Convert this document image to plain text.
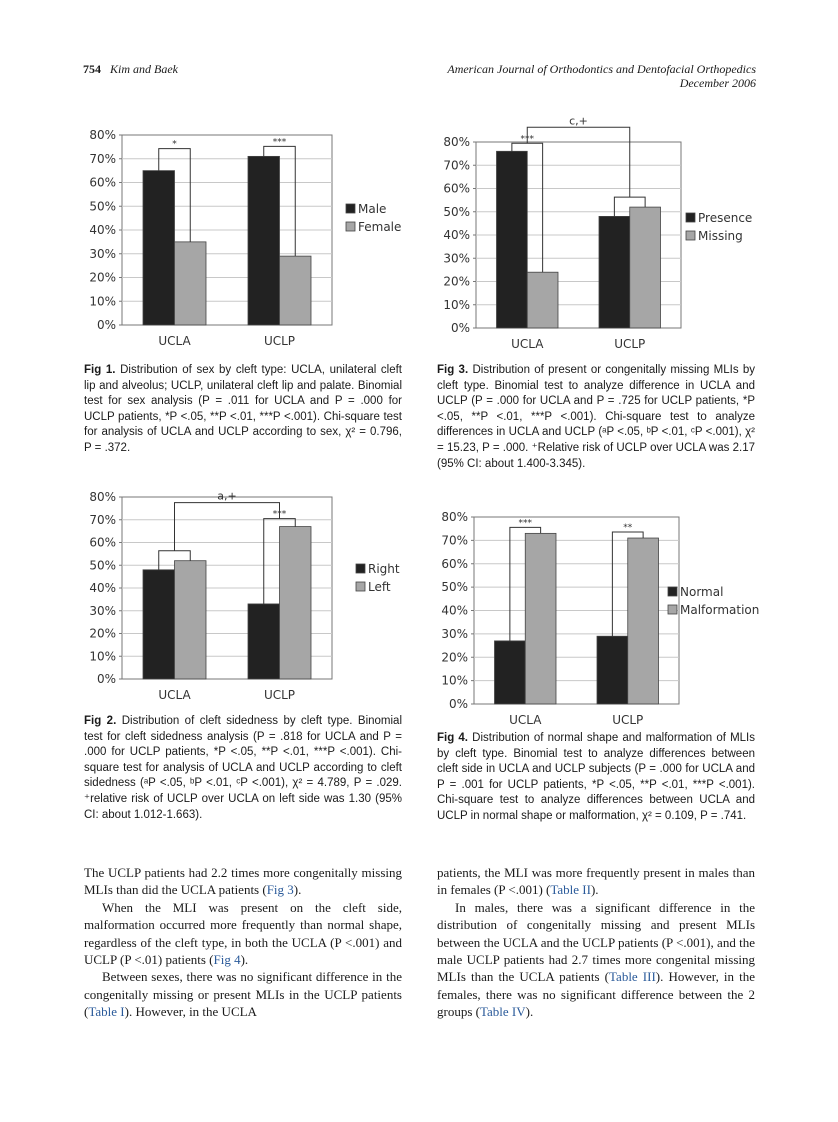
754 Kim and Baek	American Journal of Orthodontics and Dentofacial Orthopedics
December 2006
0%
10%
20%
30%
40%
50%
60%
70%
80%
UCLA	UCLP
Male
Female
*	***
0%
10%
20%
30%
40%
50%
60%
70%
80%
UCLA	UCLP
Presence
Missing
***
c,+
0%
10%
20%
30%
40%
50%
60%
70%
80%
UCLA	UCLP
Right
Left
***
a,+
0%
10%
20%
30%
40%
50%
60%
70%
80%
UCLA	UCLP
Normal
Malformation
***	**
Fig 1. Distribution of sex by cleft type: UCLA, unilateral cleft lip and alveolus; UCLP, unilateral cleft lip and palate. Binomial test for sex analysis (P = .011 for UCLA and P = .000 for UCLP patients, *P <.05, **P <.01, ***P <.001). Chi-square test for analysis of UCLA and UCLP according to sex, χ² = 0.796, P = .372.
Fig 3. Distribution of present or congenitally missing MLIs by cleft type. Binomial test to analyze difference in UCLA and UCLP (P = .000 for UCLA and P = .725 for UCLP patients, *P <.05, **P <.01, ***P <.001). Chi-square test to analyze differences in UCLA and UCLP (ᵃP <.05, ᵇP <.01, ᶜP <.001), χ² = 15.23, P = .000. ⁺Relative risk of UCLP over UCLA was 2.17 (95% CI: about 1.400-3.345).
Fig 2. Distribution of cleft sidedness by cleft type. Binomial test for cleft sidedness analysis (P = .818 for UCLA and P = .000 for UCLP patients, *P <.05, **P <.01, ***P <.001). Chi-square test for analysis of UCLA and UCLP according to cleft sidedness (ᵃP <.05, ᵇP <.01, ᶜP <.001), χ² = 4.789, P = .029. ⁺relative risk of UCLP over UCLA on left side was 1.30 (95% CI: about 1.012-1.663).
Fig 4. Distribution of normal shape and malformation of MLIs by cleft type. Binomial test to analyze differences between cleft side in UCLA and UCLP subjects (P = .000 for UCLA and P = .001 for UCLP patients, *P <.05, **P <.01, ***P <.001). Chi-square test to analyze differences between UCLA and UCLP in normal shape or malformation, χ² = 0.109, P = .741.

The UCLP patients had 2.2 times more congenitally missing MLIs than did the UCLA patients (Fig 3).

When the MLI was present on the cleft side, malformation occurred more frequently than normal shape, regardless of the cleft type, in both the UCLA (P <.001) and UCLP (P <.01) patients (Fig 4).

Between sexes, there was no significant difference in the congenitally missing or present MLIs in the UCLP patients (Table I). However, in the UCLA

patients, the MLI was more frequently present in males than in females (P <.001) (Table II).

In males, there was a significant difference in the distribution of congenitally missing and present MLIs between the UCLA and the UCLP patients (P <.001), and the male UCLP patients had 2.7 times more congenital missing MLIs than the UCLA patients (Table III). However, in the females, there was no significant difference between the 2 groups (Table IV).
